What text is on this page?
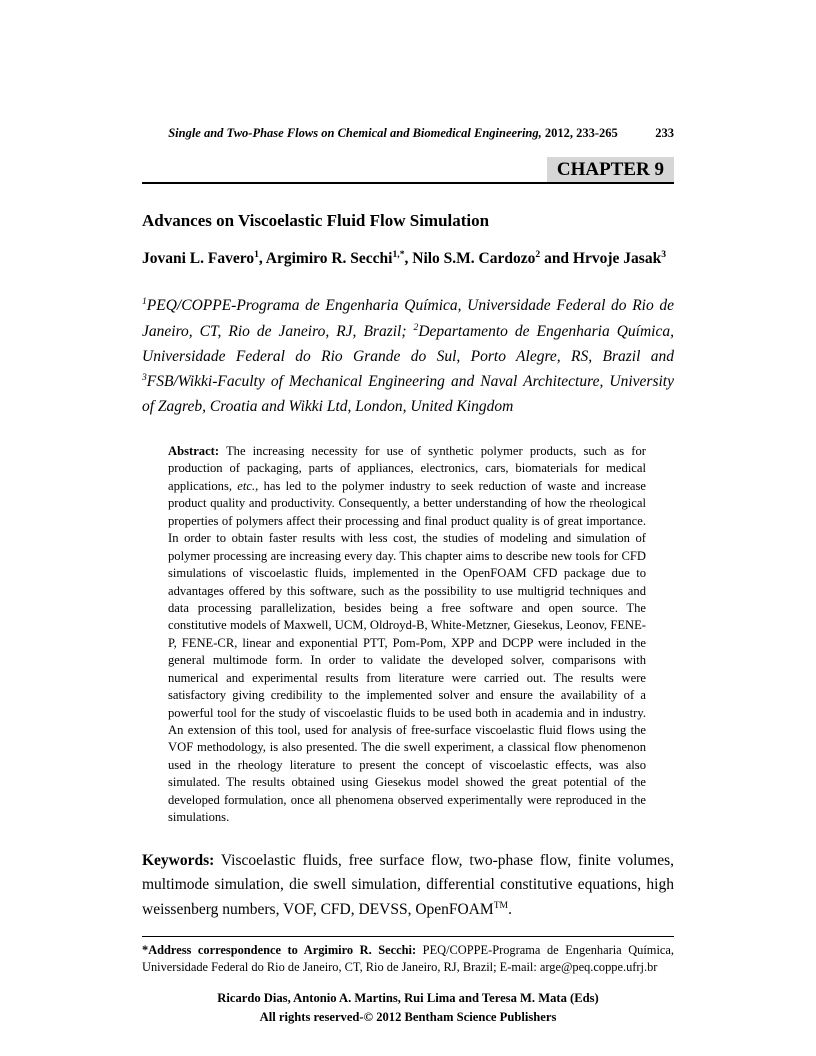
Single and Two-Phase Flows on Chemical and Biomedical Engineering, 2012, 233-265	233
CHAPTER 9
Advances on Viscoelastic Fluid Flow Simulation

Jovani L. Favero$^1$, Argimiro R. Secchi$^{1,*}$, Nilo S.M. Cardozo$^2$ and Hrvoje Jasak$^3$

$^1$PEQ/COPPE-Programa de Engenharia Química, Universidade Federal do Rio de Janeiro, CT, Rio de Janeiro, RJ, Brazil; $^2$Departamento de Engenharia Química, Universidade Federal do Rio Grande do Sul, Porto Alegre, RS, Brazil and $^3$FSB/Wikki-Faculty of Mechanical Engineering and Naval Architecture, University of Zagreb, Croatia and Wikki Ltd, London, United Kingdom

Abstract: The increasing necessity for use of synthetic polymer products, such as for production of packaging, parts of appliances, electronics, cars, biomaterials for medical applications, etc., has led to the polymer industry to seek reduction of waste and increase product quality and productivity. Consequently, a better understanding of how the rheological properties of polymers affect their processing and final product quality is of great importance. In order to obtain faster results with less cost, the studies of modeling and simulation of polymer processing are increasing every day. This chapter aims to describe new tools for CFD simulations of viscoelastic fluids, implemented in the OpenFOAM CFD package due to advantages offered by this software, such as the possibility to use multigrid techniques and data processing parallelization, besides being a free software and open source. The constitutive models of Maxwell, UCM, Oldroyd-B, White-Metzner, Giesekus, Leonov, FENE-P, FENE-CR, linear and exponential PTT, Pom-Pom, XPP and DCPP were included in the general multimode form. In order to validate the developed solver, comparisons with numerical and experimental results from literature were carried out. The results were satisfactory giving credibility to the implemented solver and ensure the availability of a powerful tool for the study of viscoelastic fluids to be used both in academia and in industry. An extension of this tool, used for analysis of free-surface viscoelastic fluid flows using the VOF methodology, is also presented. The die swell experiment, a classical flow phenomenon used in the rheology literature to present the concept of viscoelastic effects, was also simulated. The results obtained using Giesekus model showed the great potential of the developed formulation, once all phenomena observed experimentally were reproduced in the simulations.

Keywords: Viscoelastic fluids, free surface flow, two-phase flow, finite volumes, multimode simulation, die swell simulation, differential constitutive equations, high weissenberg numbers, VOF, CFD, DEVSS, OpenFOAM™.

*Address correspondence to Argimiro R. Secchi: PEQ/COPPE-Programa de Engenharia Química, Universidade Federal do Rio de Janeiro, CT, Rio de Janeiro, RJ, Brazil; E-mail: arge@peq.coppe.ufrj.br
Ricardo Dias, Antonio A. Martins, Rui Lima and Teresa M. Mata (Eds)
All rights reserved-© 2012 Bentham Science Publishers
